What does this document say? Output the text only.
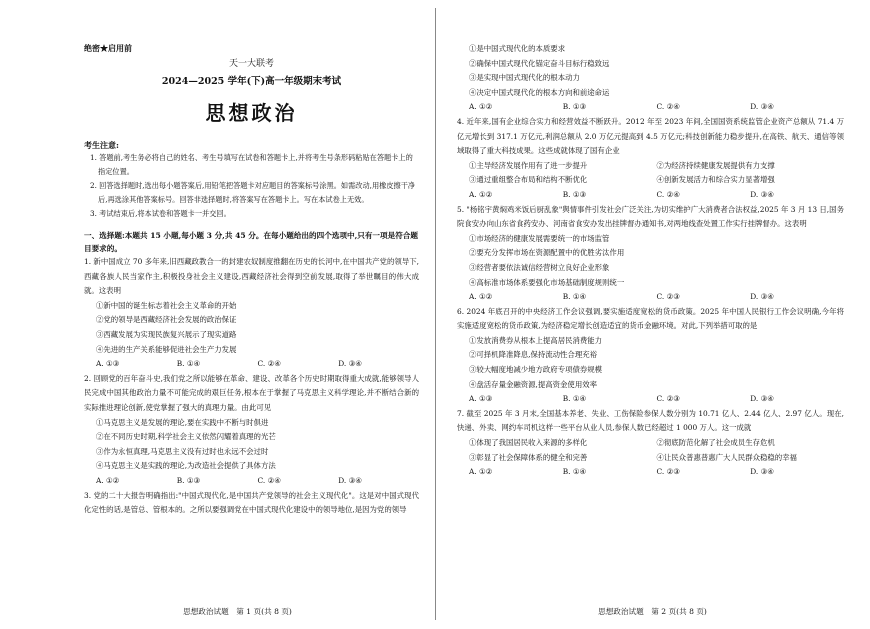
绝密★启用前
天一大联考
2024—2025 学年(下)高一年级期末考试
思想政治
考生注意:
1. 答题前,考生务必将自己的姓名、考生号填写在试卷和答题卡上,并将考生号条形码粘贴在答题卡上的指定位置。
2. 回答选择题时,选出每小题答案后,用铅笔把答题卡对应题目的答案标号涂黑。如需改动,用橡皮擦干净后,再选涂其他答案标号。回答非选择题时,将答案写在答题卡上。写在本试卷上无效。
3. 考试结束后,将本试卷和答题卡一并交回。
一、选择题:本题共 15 小题,每小题 3 分,共 45 分。在每小题给出的四个选项中,只有一项是符合题目要求的。
1. 新中国成立 70 多年来,旧西藏政教合一的封建农奴制度推翻在历史的长河中,在中国共产党的领导下,西藏各族人民当家作主,积极投身社会主义建设,西藏经济社会得到空前发展,取得了举世瞩目的伟大成就。这表明
①新中国的诞生标志着社会主义革命的开始
②党的领导是西藏经济社会发展的政治保证
③西藏发展为实现民族复兴展示了现实道路
④先进的生产关系能够促进社会生产力发展
A. ①③	B. ①④	C. ②④	D. ③④
2. 回顾党的百年奋斗史,我们党之所以能够在革命、建设、改革各个历史时期取得重大成就,能够领导人民完成中国其他政治力量不可能完成的艰巨任务,根本在于掌握了马克思主义科学理论,并不断结合新的实际推进理论创新,使党掌握了强大的真理力量。由此可见
①马克思主义是发展的理论,要在实践中不断与时俱进
②在不同历史时期,科学社会主义依然闪耀着真理的光芒
③作为永恒真理,马克思主义没有过时也永远不会过时
④马克思主义是实践的理论,为改造社会提供了具体方法
A. ①②	B. ①③	C. ②④	D. ③④
3. 党的二十大报告明确指出:"中国式现代化,是中国共产党领导的社会主义现代化"。这是对中国式现代化定性的话,是管总、管根本的。之所以要强调党在中国式现代化建设中的领导地位,是因为党的领导
思想政治试题　第 1 页(共 8 页)
①是中国式现代化的本质要求
②确保中国式现代化锚定奋斗目标行稳致远
③是实现中国式现代化的根本动力
④决定中国式现代化的根本方向和前途命运
A. ①②	B. ①③	C. ②④	D. ③④
4. 近年来,国有企业综合实力和经营效益不断跃升。2012 年至 2023 年间,全国国资系统监管企业资产总额从 71.4 万亿元增长到 317.1 万亿元,利润总额从 2.0 万亿元提高到 4.5 万亿元;科技创新能力稳步提升,在高铁、航天、通信等领域取得了重大科技成果。这些成就体现了国有企业
①主导经济发展作用有了进一步提升	②为经济持续健康发展提供有力支撑
③通过重组整合布局和结构不断优化	④创新发展活力和综合实力显著增强
A. ①②	B. ①③	C. ②④	D. ③④
5. "杨铭宇黄焖鸡米饭后厨乱象"舆情事件引发社会广泛关注,为切实维护广大消费者合法权益,2025 年 3 月 13 日,国务院食安办向山东省食药安办、河南省食安办发出挂牌督办通知书,对两地线查处置工作实行挂牌督办。这表明
①市场经济的健康发展需要统一的市场监管
②要充分发挥市场在资源配置中的优胜劣汰作用
③经营者要依法诚信经营树立良好企业形象
④高标准市场体系要强化市场基础制度规则统一
A. ①②	B. ①④	C. ②③	D. ③④
6. 2024 年底召开的中央经济工作会议强调,要实施适度宽松的货币政策。2025 年中国人民银行工作会议明确,今年将实施适度宽松的货币政策,为经济稳定增长创造适宜的货币金融环境。对此,下列举措可取的是
①发放消费券从根本上提高居民消费能力
②可择机降准降息,保持流动性合理充裕
③较大幅度地减少地方政府专项债券规模
④盘活存量金融资源,提高资金使用效率
A. ①③	B. ①④	C. ②③	D. ③④
7. 截至 2025 年 3 月末,全国基本养老、失业、工伤保险参保人数分别为 10.71 亿人、2.44 亿人、2.97 亿人。现在,快递、外卖、网约车司机这样一些平台从业人员,参保人数已经超过 1 000 万人。这一成就
①体现了我国居民收入来源的多样化	②彻底防范化解了社会成员生存危机
③彰显了社会保障体系的健全和完善	④让民众普惠普惠广大人民群众稳稳的幸福
A. ①②	B. ①④	C. ②③	D. ③④
思想政治试题　第 2 页(共 8 页)
